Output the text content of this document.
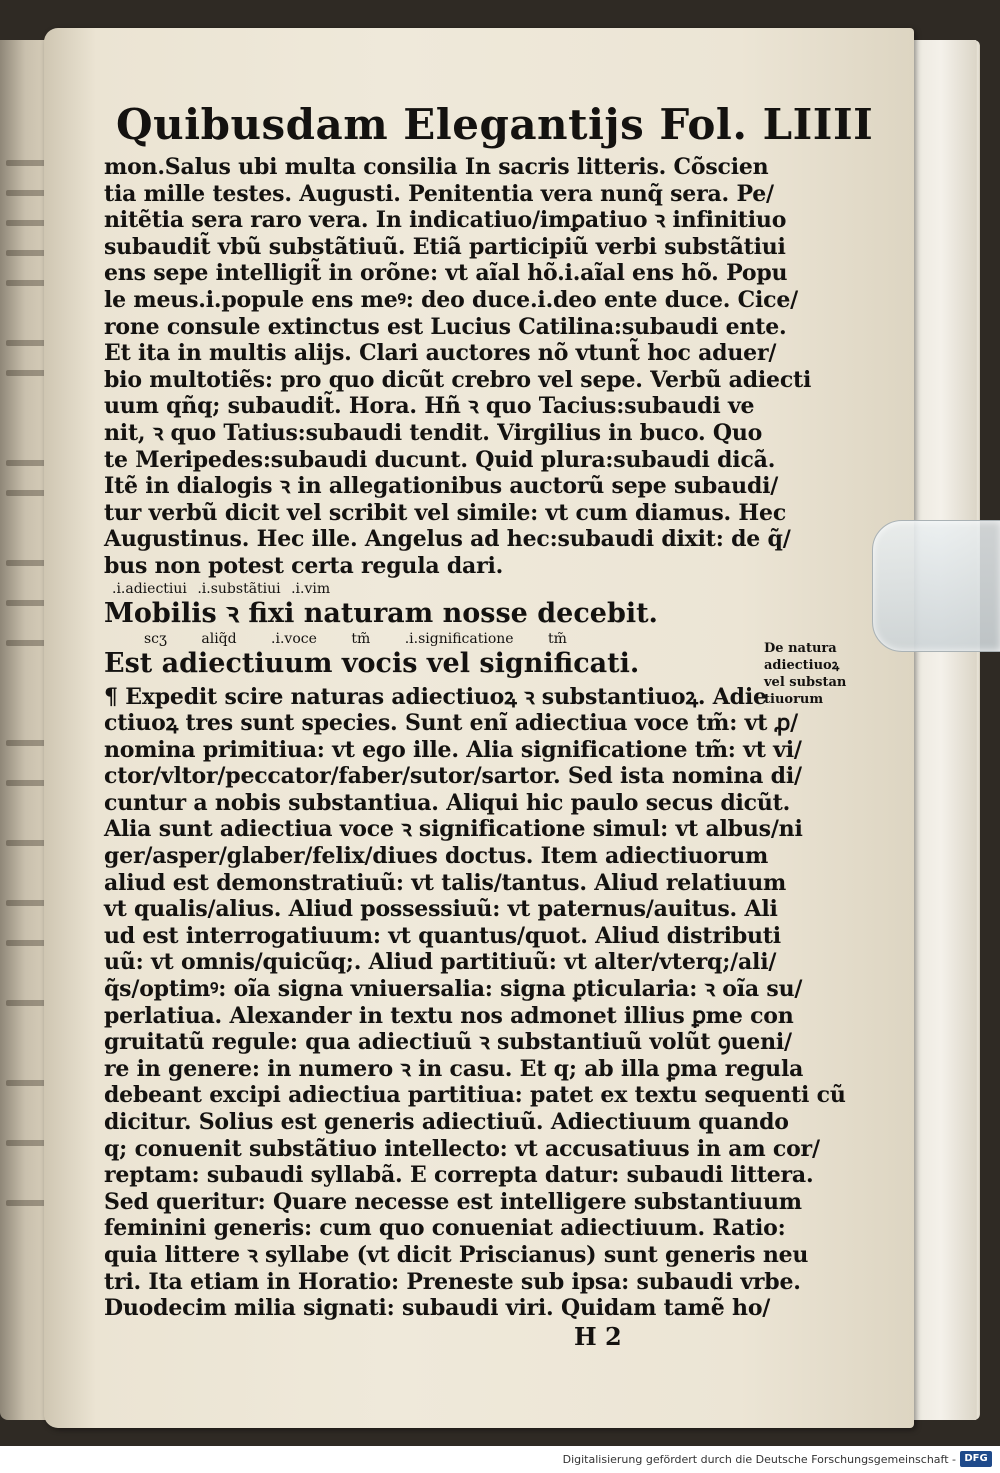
Quibusdam Elegantijs Fol. LIIII
mon.Salus ubi multa consilia In sacris litteris. Cõscien
tia mille testes. Augusti. Penitentia vera nunq̃ sera. Pe/
nitẽtia sera raro vera. In indicatiuo/imꝑatiuo ꝛ infinitiuo
subaudit̃ vbũ substãtiuũ. Etiã participiũ verbi substãtiui
ens sepe intelligit̃ in orõne: vt aĩal hõ.i.aĩal ens hõ. Popu
le meus.i.popule ens meꝰ: deo duce.i.deo ente duce. Cice/
rone consule extinctus est Lucius Catilina:subaudi ente.
Et ita in multis alijs. Clari auctores nõ vtunt̃ hoc aduer/
bio multotiẽs: pro quo dicũt crebro vel sepe. Verbũ adiecti
uum qñq; subaudit̃. Hora. Hñ ꝛ quo Tacius:subaudi ve
nit, ꝛ quo Tatius:subaudi tendit. Virgilius in buco. Quo
te Meripedes:subaudi ducunt. Quid plura:subaudi dicã.
Itẽ in dialogis ꝛ in allegationibus auctorũ sepe subaudi/
tur verbũ dicit vel scribit vel simile: vt cum diamus. Hec
Augustinus. Hec ille. Angelus ad hec:subaudi dixit: de q̃/
bus non potest certa regula dari.
.i.adiectiui .i.substãtiui .i.vim
Mobilis ꝛ fixi naturam nosse decebit.
scʒ aliq̃d .i.voce tm̃ .i.significatione tm̃
Est adiectiuum vocis vel significati.
¶ Expedit scire naturas adiectiuoꝝ ꝛ substantiuoꝝ. Adie
ctiuoꝝ tres sunt species. Sunt enĩ adiectiua voce tm̃: vt ꝓ/
nomina primitiua: vt ego ille. Alia significatione tm̃: vt vi/
ctor/vltor/peccator/faber/sutor/sartor. Sed ista nomina di/
cuntur a nobis substantiua. Aliqui hic paulo secus dicũt.
Alia sunt adiectiua voce ꝛ significatione simul: vt albus/ni
ger/asper/glaber/felix/diues doctus. Item adiectiuorum
aliud est demonstratiuũ: vt talis/tantus. Aliud relatiuum
vt qualis/alius. Aliud possessiuũ: vt paternus/auitus. Ali
ud est interrogatiuum: vt quantus/quot. Aliud distributi
uũ: vt omnis/quicũq;. Aliud partitiuũ: vt alter/vterq;/ali/
q̃s/optimꝰ: oĩa signa vniuersalia: signa ꝑticularia: ꝛ oĩa su/
perlatiua. Alexander in textu nos admonet illius ꝑme con
gruitatũ regule: qua adiectiuũ ꝛ substantiuũ volũt ꝯueni/
re in genere: in numero ꝛ in casu. Et q; ab illa ꝑma regula
debeant excipi adiectiua partitiua: patet ex textu sequenti cũ
dicitur. Solius est generis adiectiuũ. Adiectiuum quando
q; conuenit substãtiuo intellecto: vt accusatiuus in am cor/
reptam: subaudi syllabã. E correpta datur: subaudi littera.
Sed queritur: Quare necesse est intelligere substantiuum
feminini generis: cum quo conueniat adiectiuum. Ratio:
quia littere ꝛ syllabe (vt dicit Priscianus) sunt generis neu
tri. Ita etiam in Horatio: Preneste sub ipsa: subaudi vrbe.
Duodecim milia signati: subaudi viri. Quidam tamẽ ho/
H 2
De natura
adiectiuoꝝ
vel substan
tiuorum
Digitalisierung gefördert durch die Deutsche Forschungsgemeinschaft - DFG
